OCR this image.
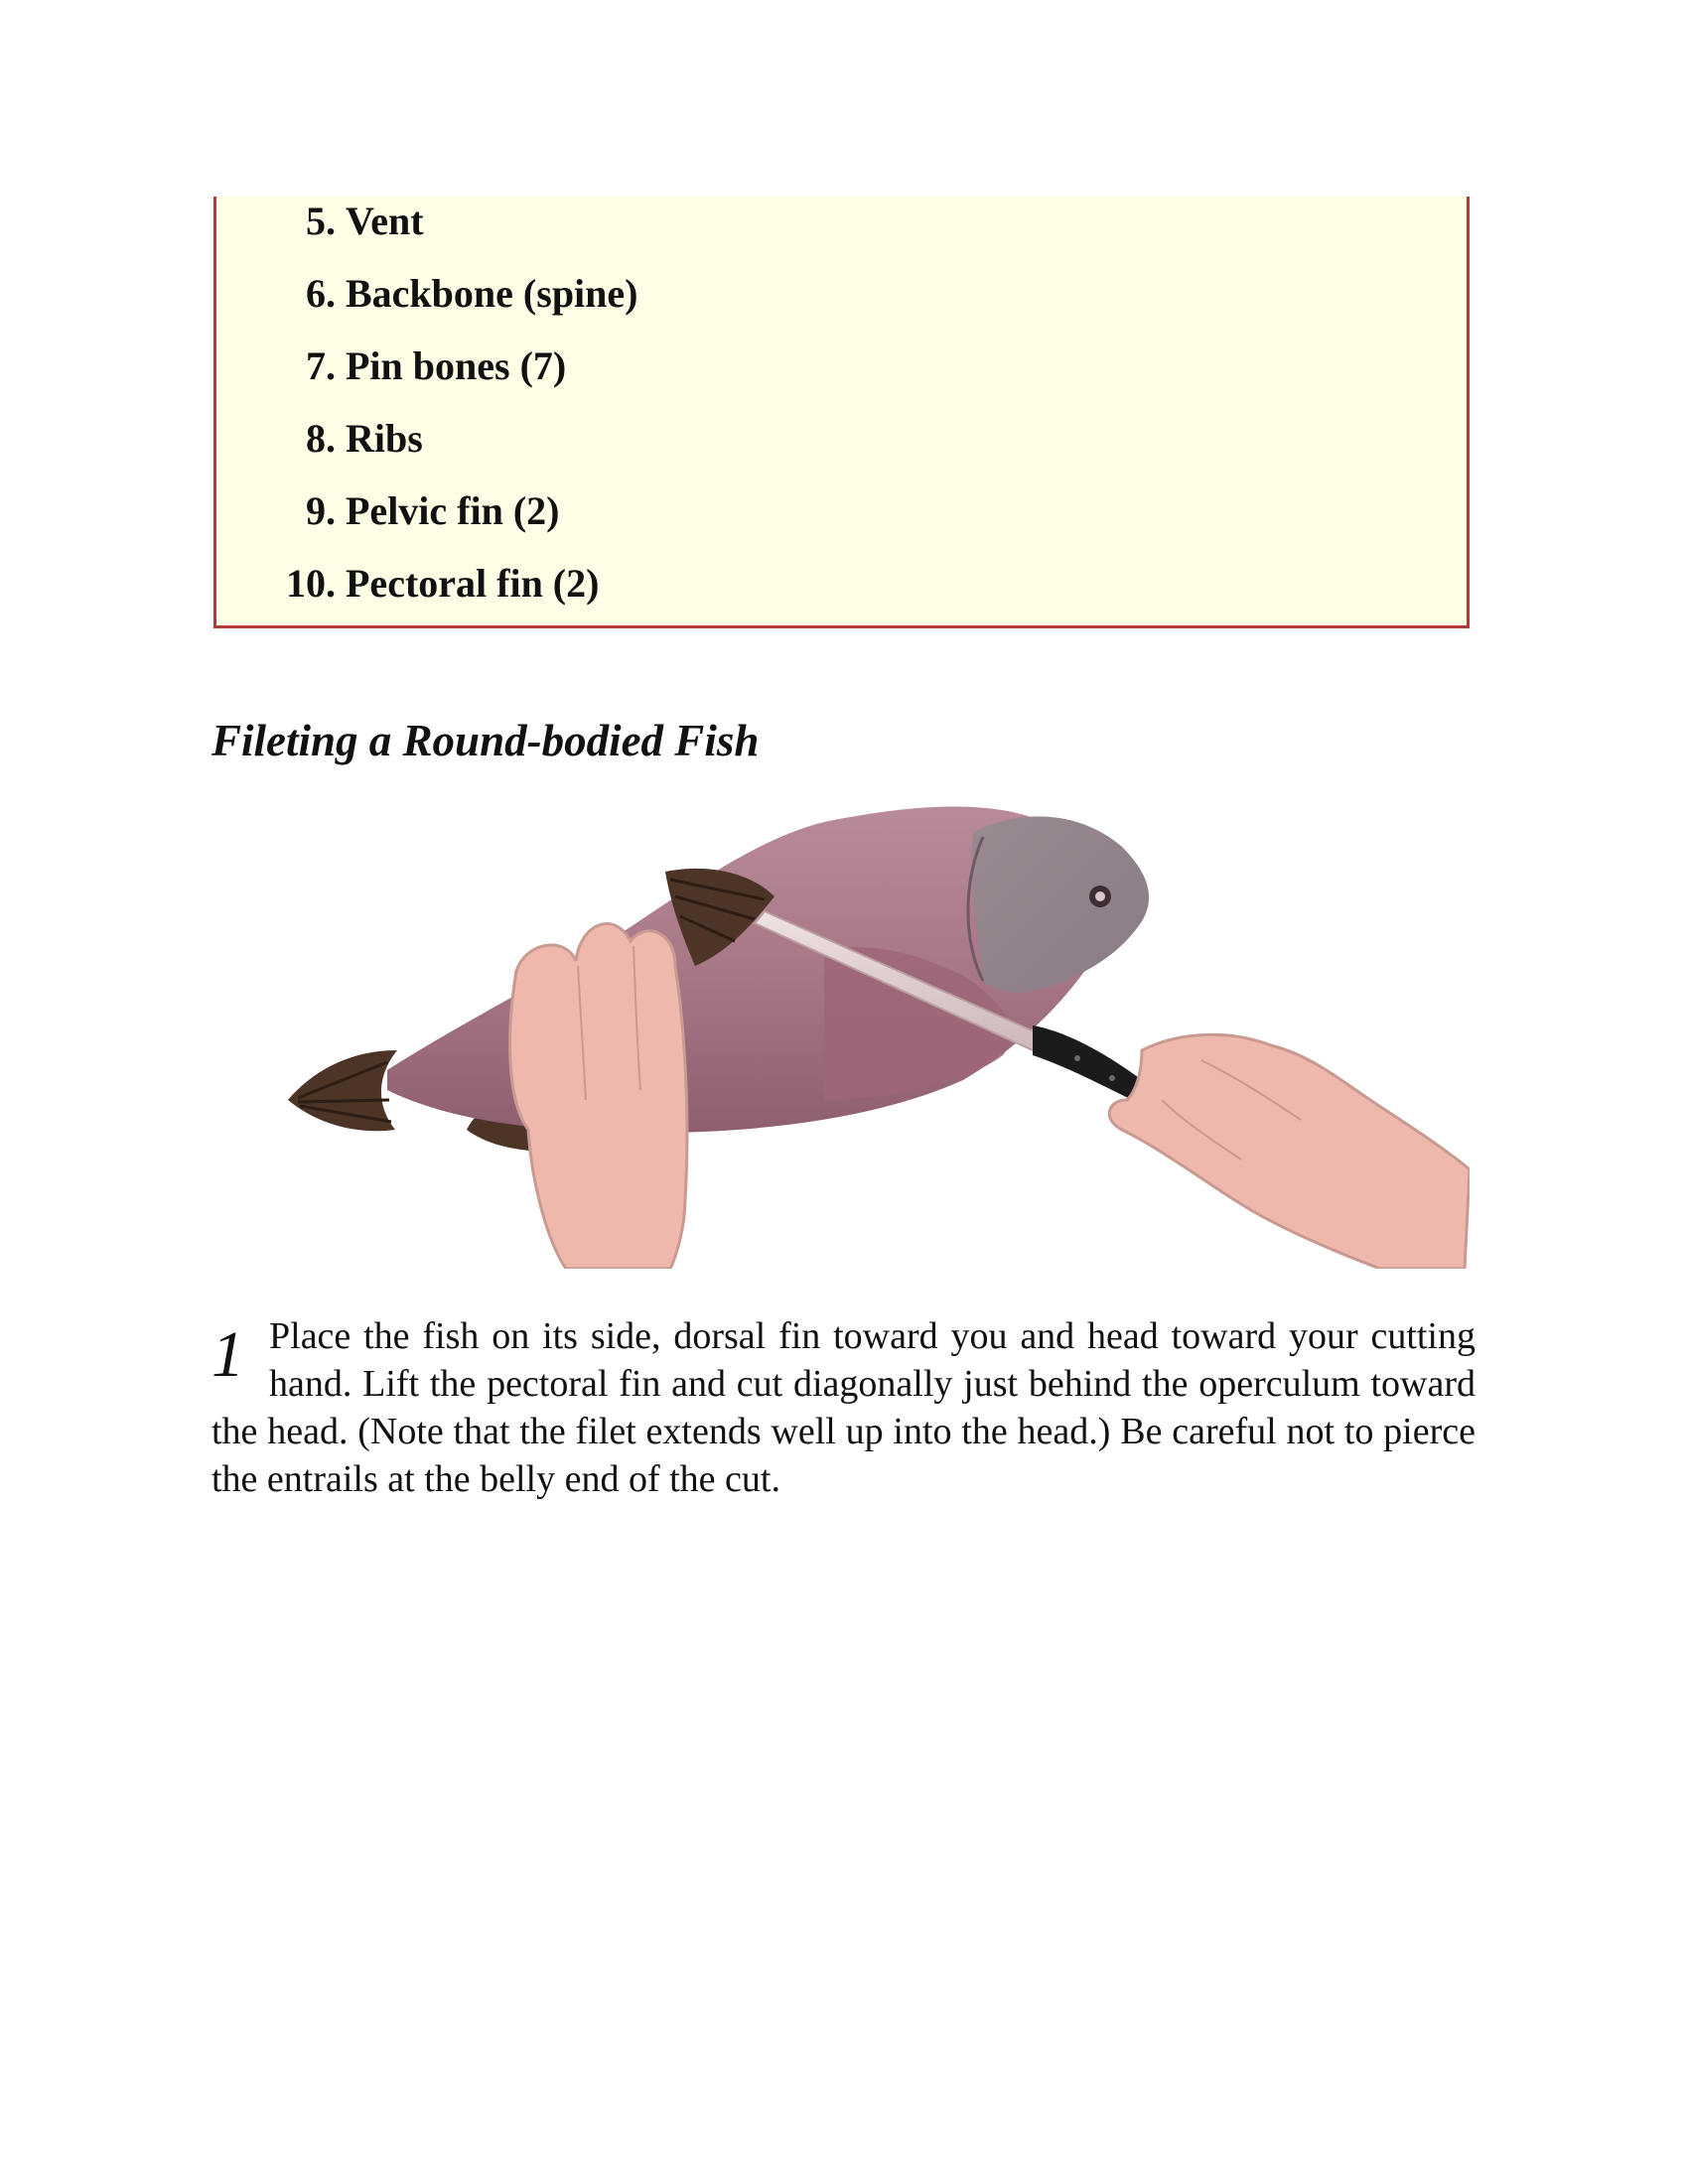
5. Vent
6. Backbone (spine)
7. Pin bones (7)
8. Ribs
9. Pelvic fin (2)
10. Pectoral fin (2)
Fileting a Round-bodied Fish
1 Place the fish on its side, dorsal fin toward you and head toward your cutting hand. Lift the pectoral fin and cut diagonally just behind the operculum toward the head. (Note that the filet extends well up into the head.) Be careful not to pierce the entrails at the belly end of the cut.
